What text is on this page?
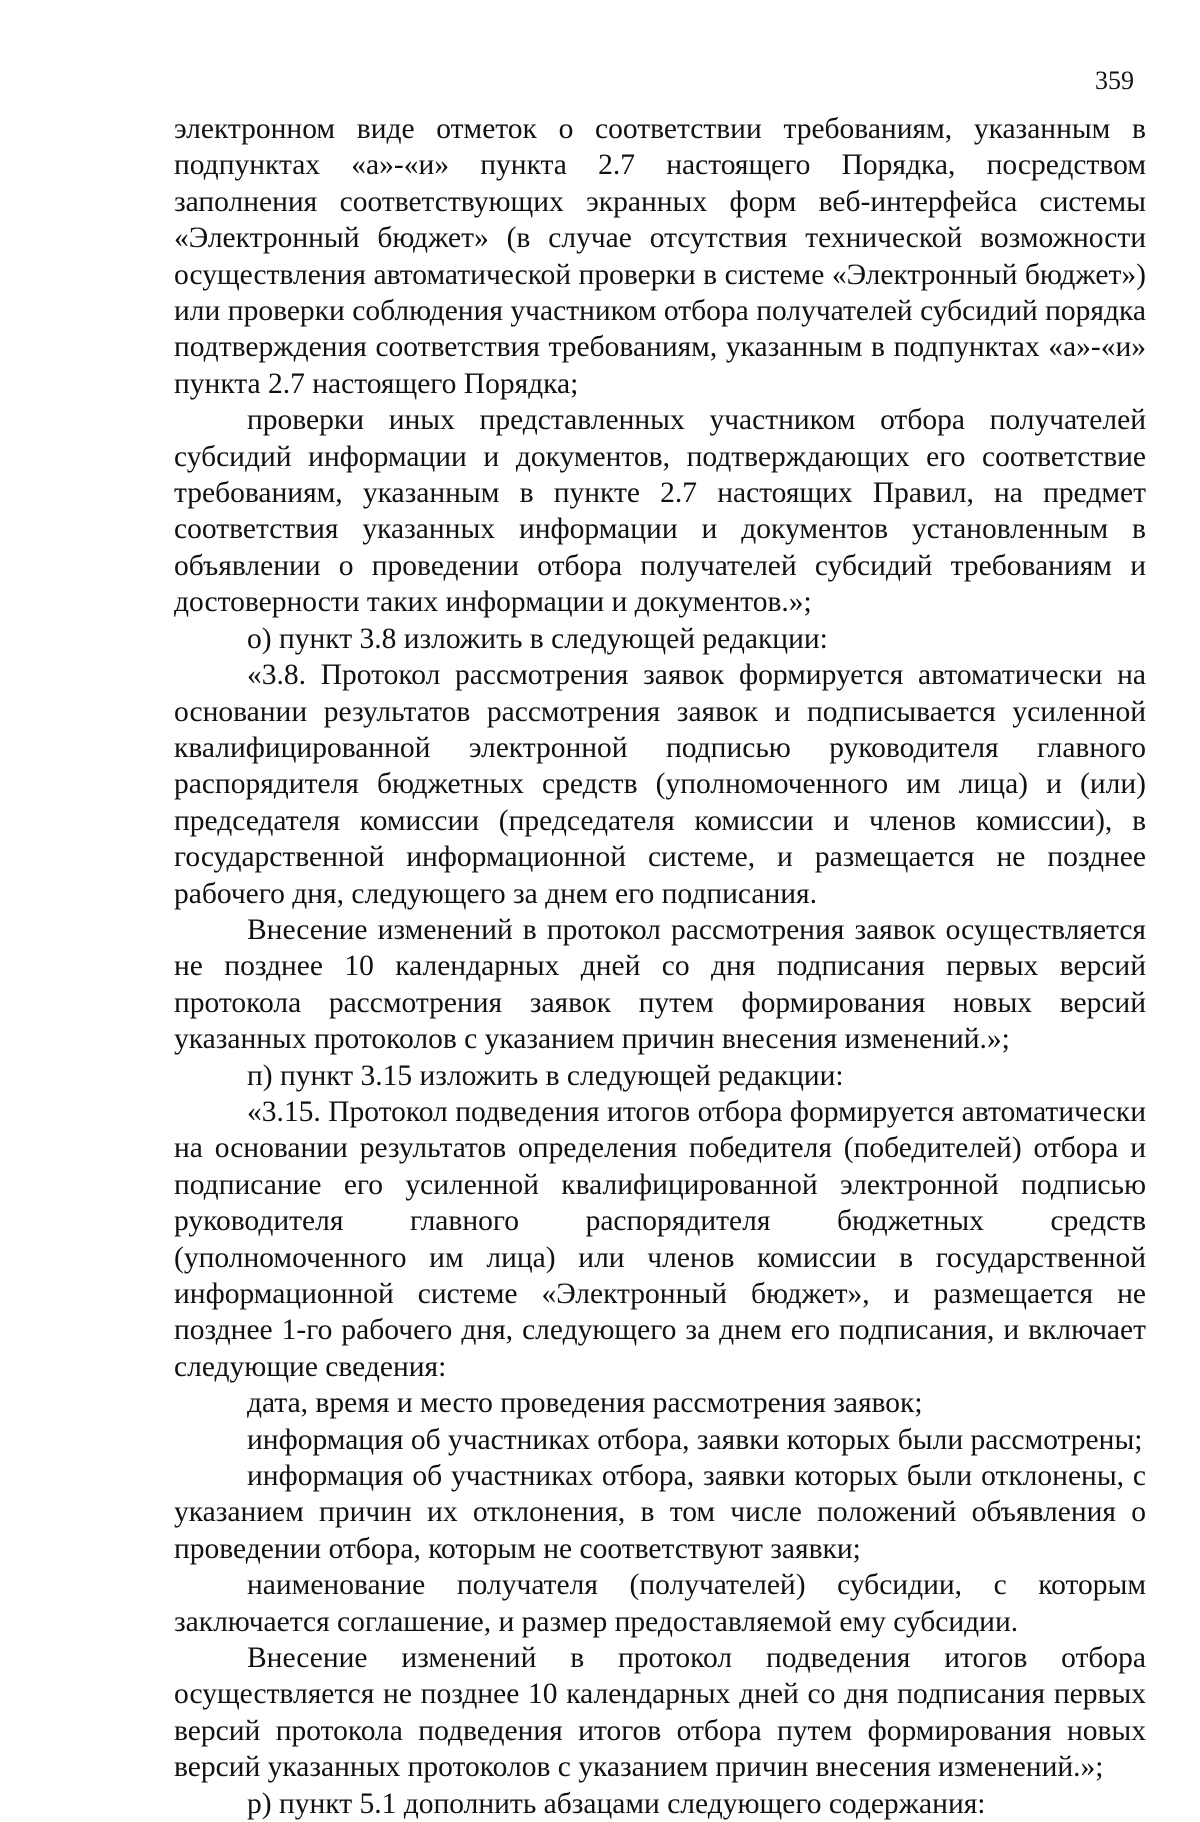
359

электронном виде отметок о соответствии требованиям, указанным в подпунктах «а»-«и» пункта 2.7 настоящего Порядка, посредством заполнения соответствующих экранных форм веб-интерфейса системы «Электронный бюджет» (в случае отсутствия технической возможности осуществления автоматической проверки в системе «Электронный бюджет») или проверки соблюдения участником отбора получателей субсидий порядка подтверждения соответствия требованиям, указанным в подпунктах «а»-«и» пункта 2.7 настоящего Порядка;

проверки иных представленных участником отбора получателей субсидий информации и документов, подтверждающих его соответствие требованиям, указанным в пункте 2.7 настоящих Правил, на предмет соответствия указанных информации и документов установленным в объявлении о проведении отбора получателей субсидий требованиям и достоверности таких информации и документов.»;

о) пункт 3.8 изложить в следующей редакции:

«3.8. Протокол рассмотрения заявок формируется автоматически на основании результатов рассмотрения заявок и подписывается усиленной квалифицированной электронной подписью руководителя главного распорядителя бюджетных средств (уполномоченного им лица) и (или) председателя комиссии (председателя комиссии и членов комиссии), в государственной информационной системе, и размещается не позднее рабочего дня, следующего за днем его подписания.

Внесение изменений в протокол рассмотрения заявок осуществляется не позднее 10 календарных дней со дня подписания первых версий протокола рассмотрения заявок путем формирования новых версий указанных протоколов с указанием причин внесения изменений.»;

п) пункт 3.15 изложить в следующей редакции:

«3.15. Протокол подведения итогов отбора формируется автоматически на основании результатов определения победителя (победителей) отбора и подписание его усиленной квалифицированной электронной подписью руководителя главного распорядителя бюджетных средств (уполномоченного им лица) или членов комиссии в государственной информационной системе «Электронный бюджет», и размещается не позднее 1-го рабочего дня, следующего за днем его подписания, и включает следующие сведения:

дата, время и место проведения рассмотрения заявок;

информация об участниках отбора, заявки которых были рассмотрены;

информация об участниках отбора, заявки которых были отклонены, с указанием причин их отклонения, в том числе положений объявления о проведении отбора, которым не соответствуют заявки;

наименование получателя (получателей) субсидии, с которым заключается соглашение, и размер предоставляемой ему субсидии.

Внесение изменений в протокол подведения итогов отбора осуществляется не позднее 10 календарных дней со дня подписания первых версий протокола подведения итогов отбора путем формирования новых версий указанных протоколов с указанием причин внесения изменений.»;

р) пункт 5.1 дополнить абзацами следующего содержания:
